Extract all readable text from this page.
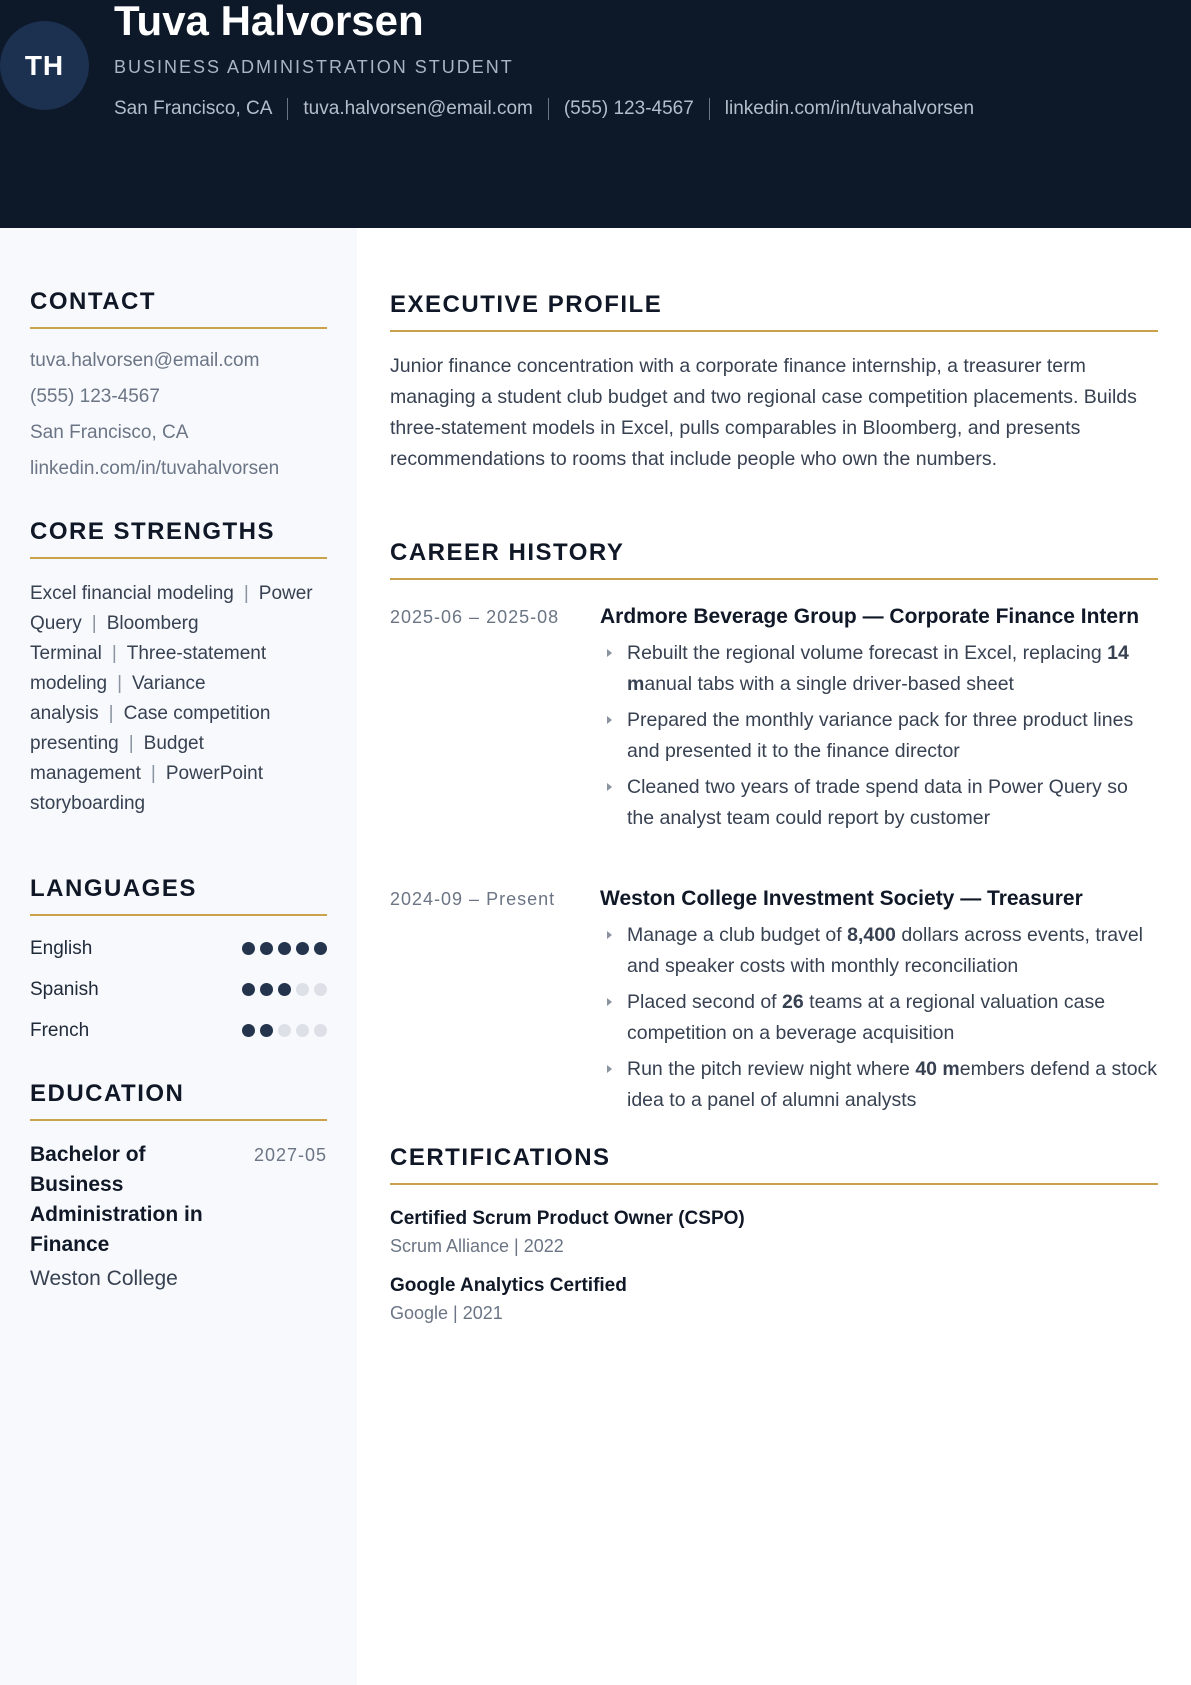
TH
Tuva Halvorsen
BUSINESS ADMINISTRATION STUDENT
San Francisco, CA tuva.halvorsen@email.com (555) 123-4567 linkedin.com/in/tuvahalvorsen
CONTACT
tuva.halvorsen@email.com
(555) 123-4567
San Francisco, CA
linkedin.com/in/tuvahalvorsen
CORE STRENGTHS
Excel financial modeling | Power Query | Bloomberg Terminal | Three-statement modeling | Variance analysis | Case competition presenting | Budget management | PowerPoint storyboarding
LANGUAGES
English
Spanish
French
EDUCATION
Bachelor of Business Administration in Finance
2027-05
Weston College
EXECUTIVE PROFILE

Junior finance concentration with a corporate finance internship, a treasurer term managing a student club budget and two regional case competition placements. Builds three-statement models in Excel, pulls comparables in Bloomberg, and presents recommendations to rooms that include people who own the numbers.

CAREER HISTORY
2025-06 – 2025-08	Ardmore Beverage Group — Corporate Finance Intern
Rebuilt the regional volume forecast in Excel, replacing 14 manual tabs with a single driver-based sheet
Prepared the monthly variance pack for three product lines and presented it to the finance director
Cleaned two years of trade spend data in Power Query so the analyst team could report by customer
2024-09 – Present	Weston College Investment Society — Treasurer
Manage a club budget of 8,400 dollars across events, travel and speaker costs with monthly reconciliation
Placed second of 26 teams at a regional valuation case competition on a beverage acquisition
Run the pitch review night where 40 members defend a stock idea to a panel of alumni analysts
CERTIFICATIONS
Certified Scrum Product Owner (CSPO)
Scrum Alliance | 2022
Google Analytics Certified
Google | 2021
